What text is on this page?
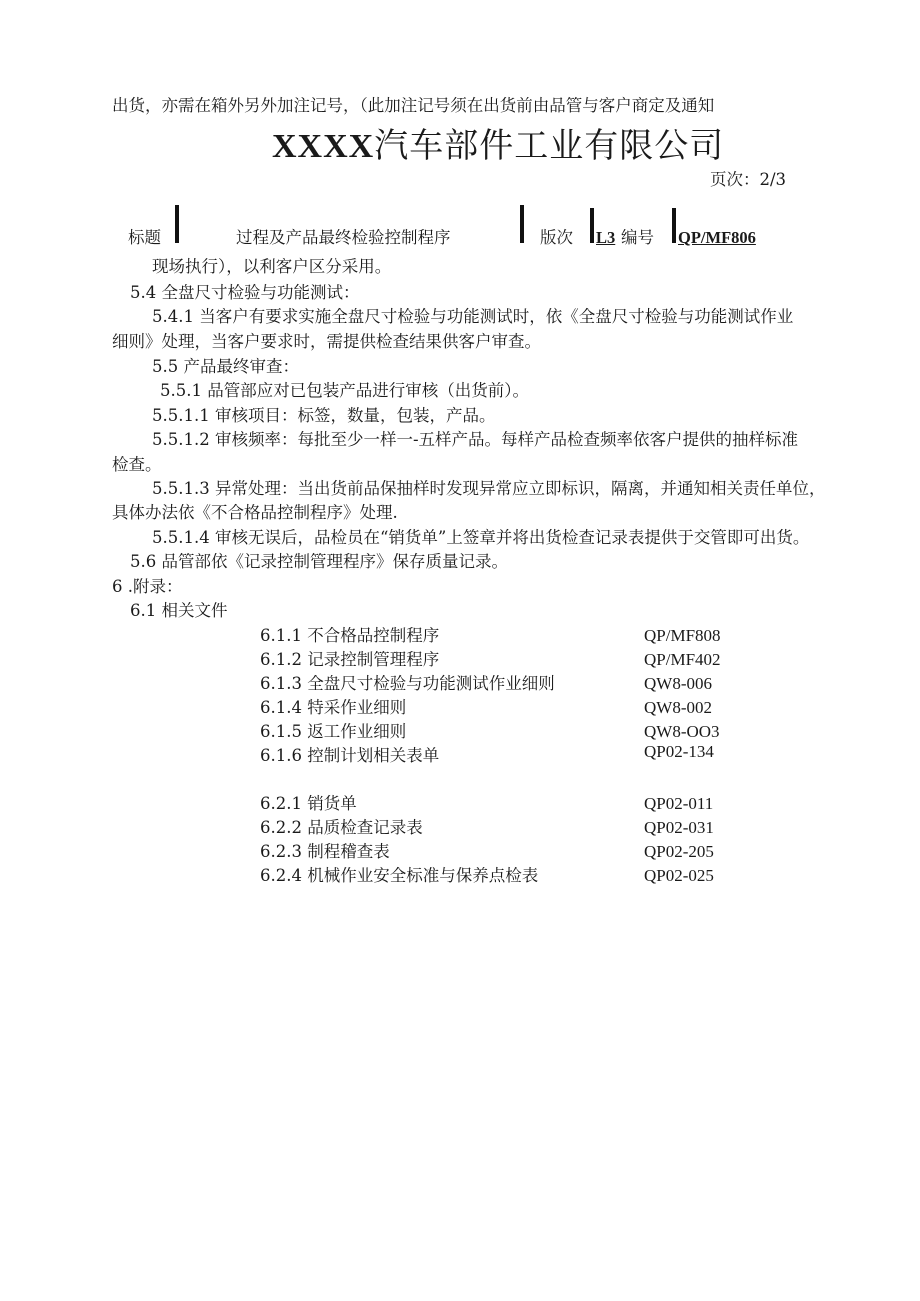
出货，亦需在箱外另外加注记号，（此加注记号须在出货前由品管与客户商定及通知
XXXX汽车部件工业有限公司
页次：2/3
标题	过程及产品最终检验控制程序	版次 L3 编号 QP/MF806
现场执行），以利客户区分采用。
5.4 全盘尺寸检验与功能测试：
5.4.1 当客户有要求实施全盘尺寸检验与功能测试时，依《全盘尺寸检验与功能测试作业
细则》处理，当客户要求时，需提供检查结果供客户审查。
5.5 产品最终审查：
5.5.1 品管部应对已包装产品进行审核（出货前）。
5.5.1.1 审核项目：标签，数量，包装，产品。
5.5.1.2 审核频率：每批至少一样一-五样产品。每样产品检查频率依客户提供的抽样标准
检查。
5.5.1.3 异常处理：当出货前品保抽样时发现异常应立即标识，隔离，并通知相关责任单位，
具体办法依《不合格品控制程序》处理.
5.5.1.4 审核无误后，品检员在“销货单”上签章并将出货检查记录表提供于交管即可出货。
5.6 品管部依《记录控制管理程序》保存质量记录。
6 .附录：
6.1 相关文件
6.1.1 不合格品控制程序	QP/MF808
6.1.2 记录控制管理程序	QP/MF402
6.1.3 全盘尺寸检验与功能测试作业细则	QW8-006
6.1.4 特采作业细则	QW8-002
6.1.5 返工作业细则	QW8-OO3
6.1.6 控制计划相关表单	QP02-134
6.2.1 销货单	QP02-011
6.2.2 品质检查记录表	QP02-031
6.2.3 制程稽查表	QP02-205
6.2.4 机械作业安全标准与保养点检表	QP02-025
